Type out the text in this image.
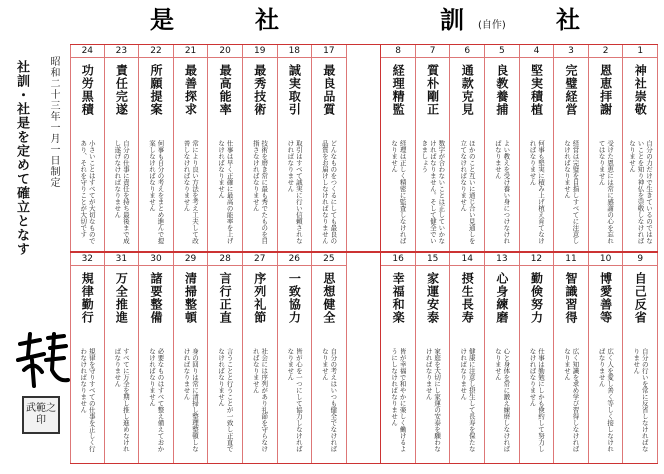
是	社	訓 (自作) 社
昭和二十三年一月一日制定
社訓・社是を定めて確立となす
武範之印
24
功労黒積
小さいことはすべてが大切なものであり、それを守りことが大切です
23
責任完遂
自分の仕事に責任を持ち最後まで成し遂げなければなりません
22
所願提案
何事も自分の考えをまとめ進んで提案しなければなりません
21
最善探求
常により良い方法を考え工夫して改善しなければなりません
20
最高能率
仕事は早く正確に最高の能率を上げなければなりません
19
最秀技術
技術を磨き常に最も秀でたものを目指さなければなりません
18
誠実取引
取引はすべて誠実に行い信頼されなければなりません
17
最良品質
どんなものをつくるにしても最良の品質をお届けしなければなりません
8
経理精監
経理は正しく精密に監査しなければなりません
7
質朴剛正
数字が合わないことは正していかなければなりません。そして健全でいきましょう
6
通款克見
ほかのこと互いに通じ合い見通しを立てなければなりません
5
良教養捕
よい教えを受け養い身につけなければなりません
4
堅実積植
何事も堅実に積み上げ植え育てなければなりません
3
完璧経営
経営は完璧を目指しすべてに注意しなければなりません
2
恩恵拝謝
受けた恩恵には常に感謝の心を忘れてはなりません
1
神社崇敬
自分の力だけで生きているのではないことを知り神仏を崇敬しなければなりません
32
規律勤行
規律を守りすべての仕事を正しく行わなければなりません
31
万全推進
すべてに万全を期し推し進めなければなりません
30
諸要整備
必要なものはすべて整え備えておかなければなりません
29
清掃整頓
身の回りは常に清掃し整理整頓しなければなりません
28
言行正直
言うことと行うことが一致し正直でなければなりません
27
序列礼節
社会には序列があり礼節を守らなければなりません
26
一致協力
皆が心を一つにして協力しなければなりません
25
思想健全
自分の考えはいつも健全でなければなりません
16
幸福和楽
皆が幸福で和やかに楽しく働けるようにしなければなりません
15
家運安泰
家庭を大切にし家運の安泰を願わなければなりません
14
摂生長寿
健康に注意し摂生して長寿を保たなければなりません
13
心身練磨
心と身体を常に鍛え練磨しなければなりません
12
勤倹努力
仕事は勤勉にしかも倹約して努力しなければなりません
11
智識習得
広く知識を求め学び習得しなければなりません
10
博愛善等
広く人を愛し善く等しく接しなければなりません
9
自己反省
自分の行いを常に反省しなければなりません
